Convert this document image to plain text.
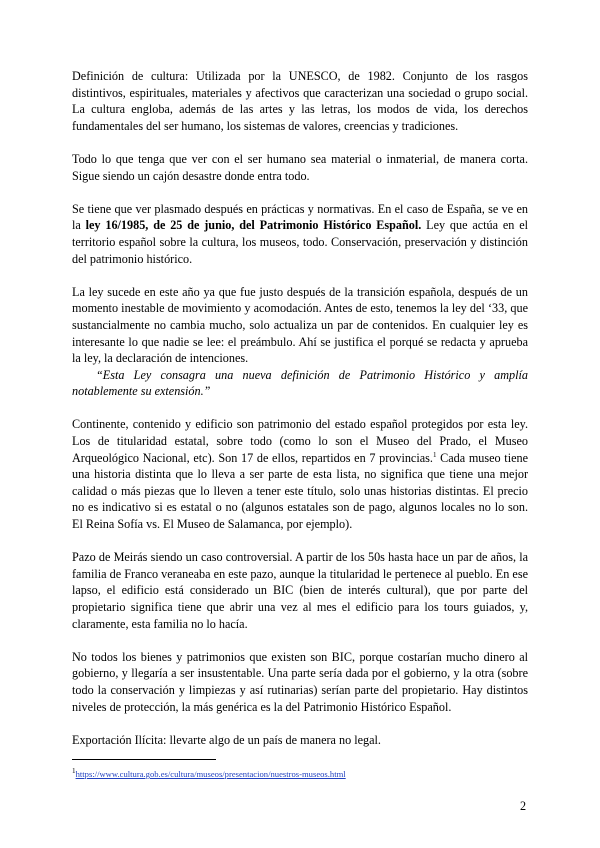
Definición de cultura: Utilizada por la UNESCO, de 1982. Conjunto de los rasgos distintivos, espirituales, materiales y afectivos que caracterizan una sociedad o grupo social. La cultura engloba, además de las artes y las letras, los modos de vida, los derechos fundamentales del ser humano, los sistemas de valores, creencias y tradiciones.

Todo lo que tenga que ver con el ser humano sea material o inmaterial, de manera corta. Sigue siendo un cajón desastre donde entra todo.

Se tiene que ver plasmado después en prácticas y normativas. En el caso de España, se ve en la ley 16/1985, de 25 de junio, del Patrimonio Histórico Español. Ley que actúa en el territorio español sobre la cultura, los museos, todo. Conservación, preservación y distinción del patrimonio histórico.

La ley sucede en este año ya que fue justo después de la transición española, después de un momento inestable de movimiento y acomodación. Antes de esto, tenemos la ley del ‘33, que sustancialmente no cambia mucho, solo actualiza un par de contenidos. En cualquier ley es interesante lo que nadie se lee: el preámbulo. Ahí se justifica el porqué se redacta y aprueba la ley, la declaración de intenciones.

“Esta Ley consagra una nueva definición de Patrimonio Histórico y amplía notablemente su extensión.”

Continente, contenido y edificio son patrimonio del estado español protegidos por esta ley. Los de titularidad estatal, sobre todo (como lo son el Museo del Prado, el Museo Arqueológico Nacional, etc). Son 17 de ellos, repartidos en 7 provincias.$^1$ Cada museo tiene una historia distinta que lo lleva a ser parte de esta lista, no significa que tiene una mejor calidad o más piezas que lo lleven a tener este título, solo unas historias distintas. El precio no es indicativo si es estatal o no (algunos estatales son de pago, algunos locales no lo son. El Reina Sofía vs. El Museo de Salamanca, por ejemplo).

Pazo de Meirás siendo un caso controversial. A partir de los 50s hasta hace un par de años, la familia de Franco veraneaba en este pazo, aunque la titularidad le pertenece al pueblo. En ese lapso, el edificio está considerado un BIC (bien de interés cultural), que por parte del propietario significa tiene que abrir una vez al mes el edificio para los tours guiados, y, claramente, esta familia no lo hacía.

No todos los bienes y patrimonios que existen son BIC, porque costarían mucho dinero al gobierno, y llegaría a ser insustentable. Una parte sería dada por el gobierno, y la otra (sobre todo la conservación y limpiezas y así rutinarias) serían parte del propietario. Hay distintos niveles de protección, la más genérica es la del Patrimonio Histórico Español.

Exportación Ilícita: llevarte algo de un país de manera no legal.

$^1$https://www.cultura.gob.es/cultura/museos/presentacion/nuestros-museos.html
2
